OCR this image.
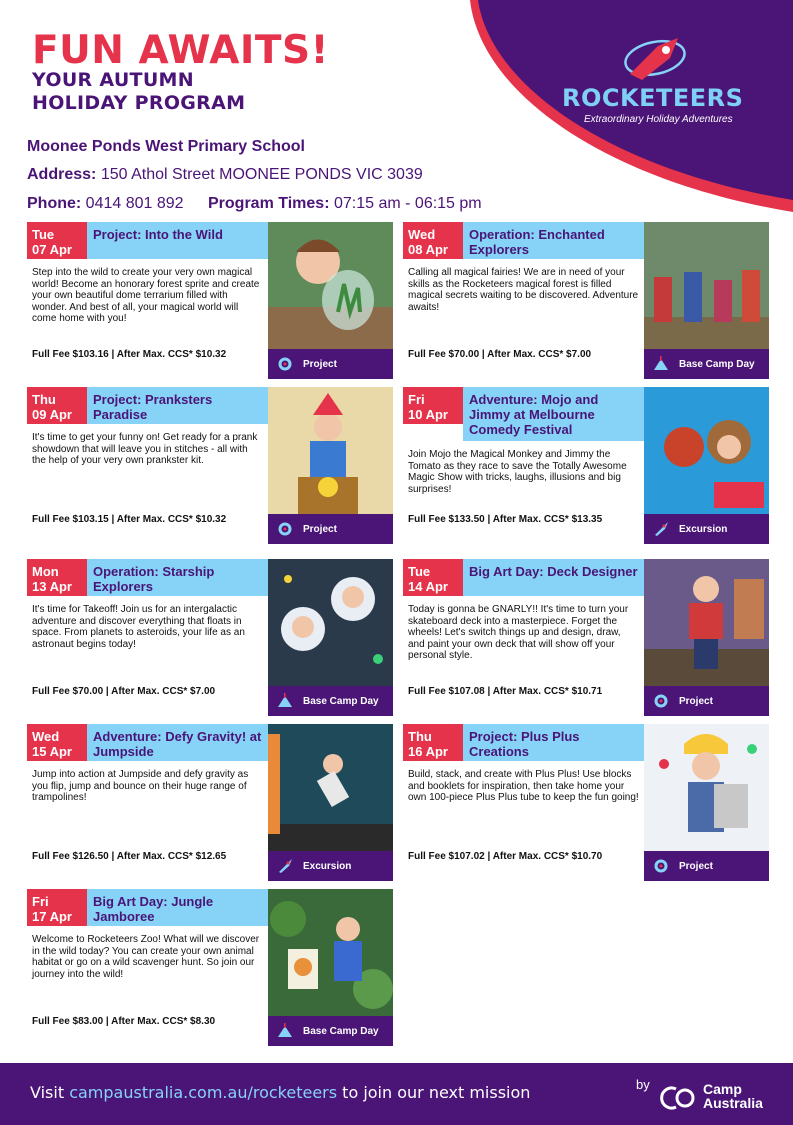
FUN AWAITS!
YOUR AUTUMN
HOLIDAY PROGRAM	ROCKETEERS
Extraordinary Holiday Adventures
Moonee Ponds West Primary School
Address: 150 Athol Street MOONEE PONDS VIC 3039
Phone: 0414 801 892 Program Times: 07:15 am - 06:15 pm
Tue
07 Apr
Project: Into the Wild
Step into the wild to create your very own magical world! Become an honorary forest sprite and create your own beautiful dome terrarium filled with wonder. And best of all, your magical world will come home with you!
Full Fee $103.16 | After Max. CCS* $10.32
Project
Wed
08 Apr
Operation: Enchanted Explorers
Calling all magical fairies! We are in need of your skills as the Rocketeers magical forest is filled magical secrets waiting to be discovered. Adventure awaits!
Full Fee $70.00 | After Max. CCS* $7.00
Base Camp Day
Thu
09 Apr
Project: Pranksters Paradise
It's time to get your funny on! Get ready for a prank showdown that will leave you in stitches - all with the help of your very own prankster kit.
Full Fee $103.15 | After Max. CCS* $10.32
Project
Fri
10 Apr
Adventure: Mojo and Jimmy at Melbourne Comedy Festival
Join Mojo the Magical Monkey and Jimmy the Tomato as they race to save the Totally Awesome Magic Show with tricks, laughs, illusions and big surprises!
Full Fee $133.50 | After Max. CCS* $13.35
Excursion
Mon
13 Apr
Operation: Starship Explorers
It's time for Takeoff! Join us for an intergalactic adventure and discover everything that floats in space. From planets to asteroids, your life as an astronaut begins today!
Full Fee $70.00 | After Max. CCS* $7.00
Base Camp Day
Tue
14 Apr
Big Art Day: Deck Designer
Today is gonna be GNARLY!! It's time to turn your skateboard deck into a masterpiece. Forget the wheels! Let's switch things up and design, draw, and paint your own deck that will show off your personal style.
Full Fee $107.08 | After Max. CCS* $10.71
Project
Wed
15 Apr
Adventure: Defy Gravity! at Jumpside
Jump into action at Jumpside and defy gravity as you flip, jump and bounce on their huge range of trampolines!
Full Fee $126.50 | After Max. CCS* $12.65
Excursion
Thu
16 Apr
Project: Plus Plus Creations
Build, stack, and create with Plus Plus! Use blocks and booklets for inspiration, then take home your own 100-piece Plus Plus tube to keep the fun going!
Full Fee $107.02 | After Max. CCS* $10.70
Project
Fri
17 Apr
Big Art Day: Jungle Jamboree
Welcome to Rocketeers Zoo! What will we discover in the wild today? You can create your own animal habitat or go on a wild scavenger hunt. So join our journey into the wild!
Full Fee $83.00 | After Max. CCS* $8.30
Base Camp Day
Visit campaustralia.com.au/rocketeers to join our next mission	by	Camp
Australia
